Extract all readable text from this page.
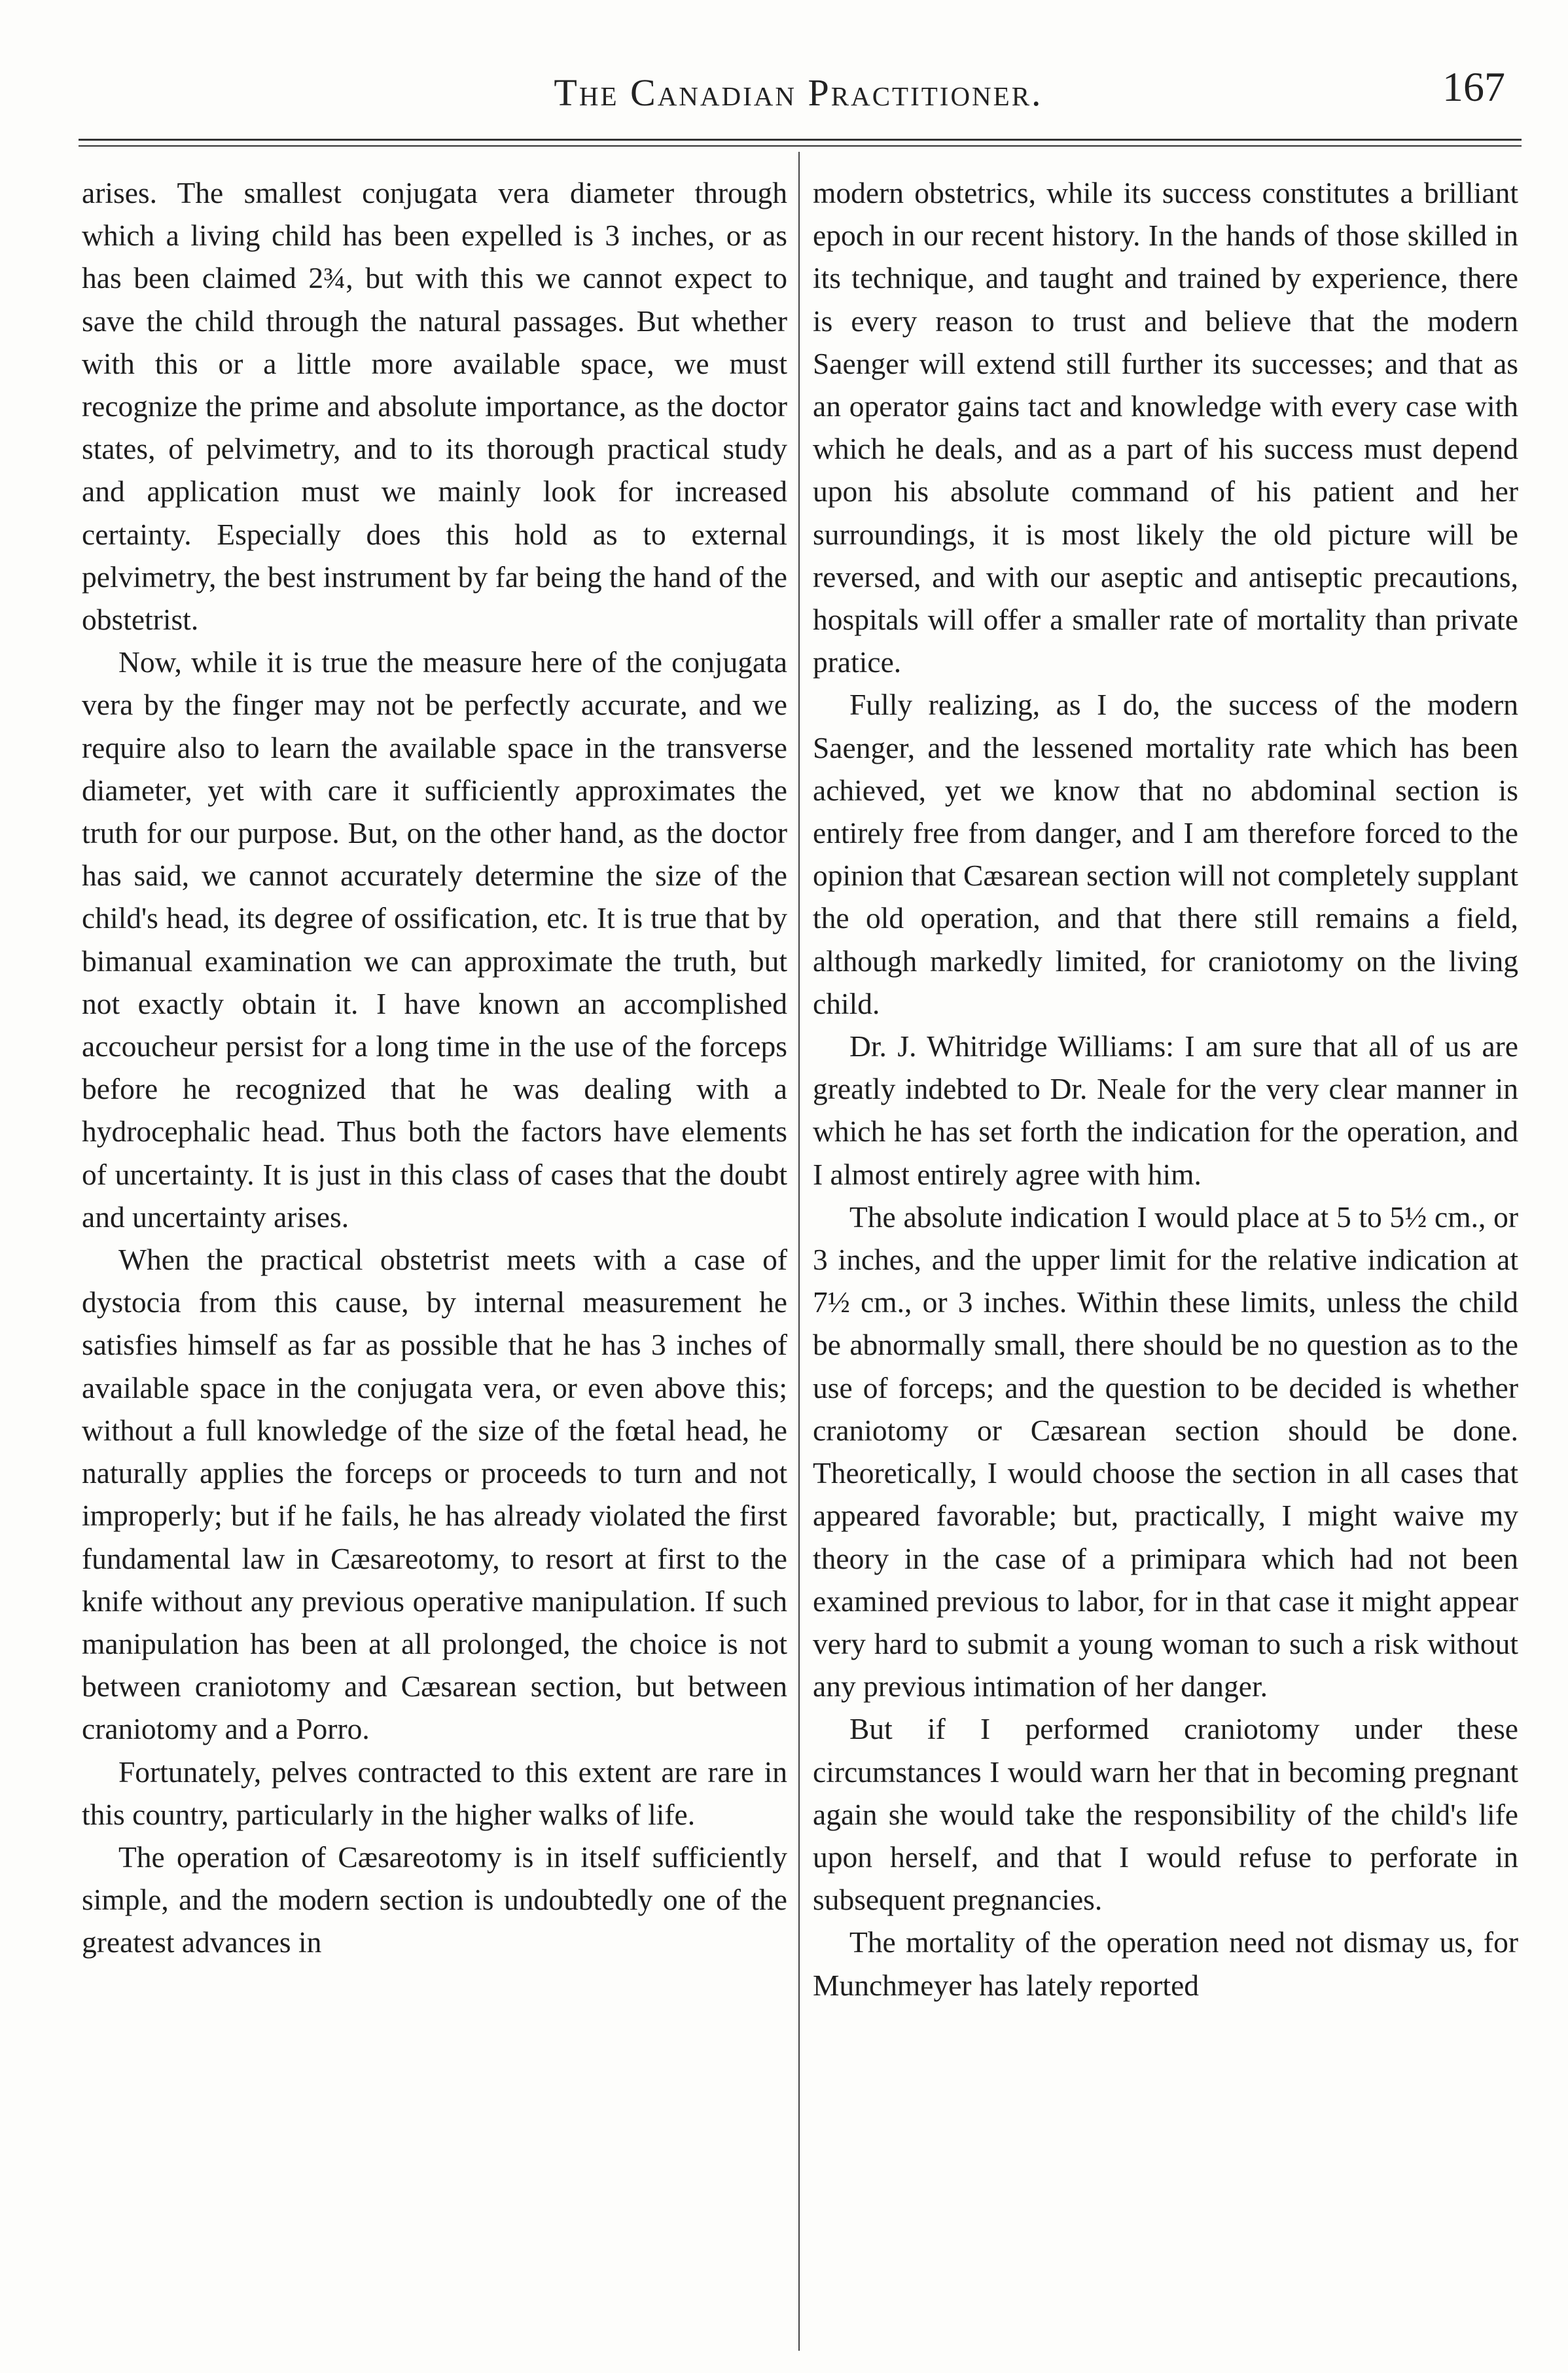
The Canadian Practitioner.	167

arises. The smallest conjugata vera diameter through which a living child has been expelled is 3 inches, or as has been claimed 2¾, but with this we cannot expect to save the child through the natural passages. But whether with this or a little more available space, we must recognize the prime and absolute importance, as the doctor states, of pelvimetry, and to its thorough practical study and application must we mainly look for increased certainty. Especially does this hold as to external pelvimetry, the best instrument by far being the hand of the obstetrist.

Now, while it is true the measure here of the conjugata vera by the finger may not be perfectly accurate, and we require also to learn the available space in the transverse diameter, yet with care it sufficiently approximates the truth for our purpose. But, on the other hand, as the doctor has said, we cannot accurately determine the size of the child's head, its degree of ossification, etc. It is true that by bimanual examination we can approximate the truth, but not exactly obtain it. I have known an accomplished accoucheur persist for a long time in the use of the forceps before he recognized that he was dealing with a hydrocephalic head. Thus both the factors have elements of uncertainty. It is just in this class of cases that the doubt and uncertainty arises.

When the practical obstetrist meets with a case of dystocia from this cause, by internal measurement he satisfies himself as far as possible that he has 3 inches of available space in the conjugata vera, or even above this; without a full knowledge of the size of the fœtal head, he naturally applies the forceps or proceeds to turn and not improperly; but if he fails, he has already violated the first fundamental law in Cæsareotomy, to resort at first to the knife without any previous operative manipulation. If such manipulation has been at all prolonged, the choice is not between craniotomy and Cæsarean section, but between craniotomy and a Porro.

Fortunately, pelves contracted to this extent are rare in this country, particularly in the higher walks of life.

The operation of Cæsareotomy is in itself sufficiently simple, and the modern section is undoubtedly one of the greatest advances in

modern obstetrics, while its success constitutes a brilliant epoch in our recent history. In the hands of those skilled in its technique, and taught and trained by experience, there is every reason to trust and believe that the modern Saenger will extend still further its successes; and that as an operator gains tact and knowledge with every case with which he deals, and as a part of his success must depend upon his absolute command of his patient and her surroundings, it is most likely the old picture will be reversed, and with our aseptic and antiseptic precautions, hospitals will offer a smaller rate of mortality than private pratice.

Fully realizing, as I do, the success of the modern Saenger, and the lessened mortality rate which has been achieved, yet we know that no abdominal section is entirely free from danger, and I am therefore forced to the opinion that Cæsarean section will not completely supplant the old operation, and that there still remains a field, although markedly limited, for craniotomy on the living child.

Dr. J. Whitridge Williams: I am sure that all of us are greatly indebted to Dr. Neale for the very clear manner in which he has set forth the indication for the operation, and I almost entirely agree with him.

The absolute indication I would place at 5 to 5½ cm., or 3 inches, and the upper limit for the relative indication at 7½ cm., or 3 inches. Within these limits, unless the child be abnormally small, there should be no question as to the use of forceps; and the question to be decided is whether craniotomy or Cæsarean section should be done. Theoretically, I would choose the section in all cases that appeared favorable; but, practically, I might waive my theory in the case of a primipara which had not been examined previous to labor, for in that case it might appear very hard to submit a young woman to such a risk without any previous intimation of her danger.

But if I performed craniotomy under these circumstances I would warn her that in becoming pregnant again she would take the responsibility of the child's life upon herself, and that I would refuse to perforate in subsequent pregnancies.

The mortality of the operation need not dismay us, for Munchmeyer has lately reported
